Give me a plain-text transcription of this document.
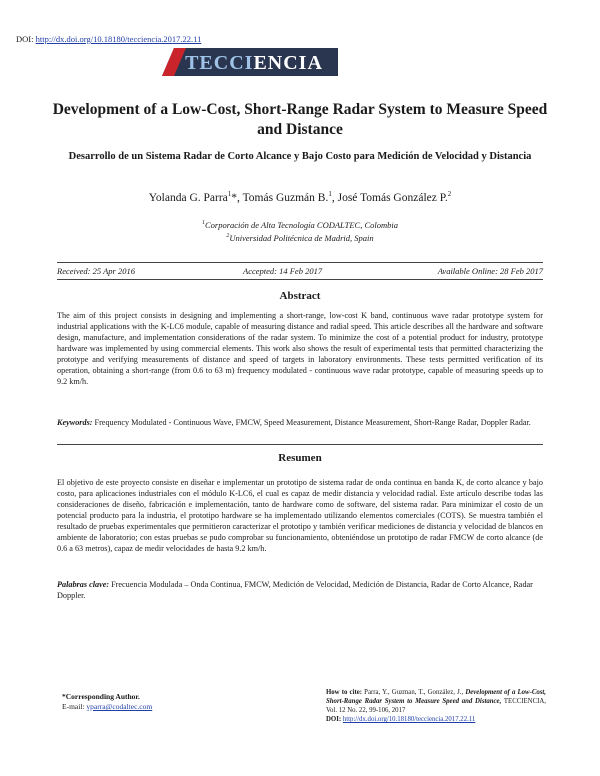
DOI: http://dx.doi.org/10.18180/tecciencia.2017.22.11
TECCIENCIA
Development of a Low-Cost, Short-Range Radar System to Measure Speed and Distance
Desarrollo de un Sistema Radar de Corto Alcance y Bajo Costo para Medición de Velocidad y Distancia
Yolanda G. Parra$^1$*, Tomás Guzmán B.$^1$, José Tomás González P.$^2$
$^1$Corporación de Alta Tecnología CODALTEC, Colombia
$^2$Universidad Politécnica de Madrid, Spain
Received: 25 Apr 2016	Accepted: 14 Feb 2017	Available Online: 28 Feb 2017
Abstract
The aim of this project consists in designing and implementing a short-range, low-cost K band, continuous wave radar prototype system for industrial applications with the K-LC6 module, capable of measuring distance and radial speed. This article describes all the hardware and software design, manufacture, and implementation considerations of the radar system. To minimize the cost of a potential product for industry, prototype hardware was implemented by using commercial elements. This work also shows the result of experimental tests that permitted characterizing the prototype and verifying measurements of distance and speed of targets in laboratory environments. These tests permitted verification of its operation, obtaining a short-range (from 0.6 to 63 m) frequency modulated - continuous wave radar prototype, capable of measuring speeds up to 9.2 km/h.
Keywords: Frequency Modulated - Continuous Wave, FMCW, Speed Measurement, Distance Measurement, Short-Range Radar, Doppler Radar.
Resumen
El objetivo de este proyecto consiste en diseñar e implementar un prototipo de sistema radar de onda continua en banda K, de corto alcance y bajo costo, para aplicaciones industriales con el módulo K-LC6, el cual es capaz de medir distancia y velocidad radial. Este artículo describe todas las consideraciones de diseño, fabricación e implementación, tanto de hardware como de software, del sistema radar. Para minimizar el costo de un potencial producto para la industria, el prototipo hardware se ha implementado utilizando elementos comerciales (COTS). Se muestra también el resultado de pruebas experimentales que permitieron caracterizar el prototipo y también verificar mediciones de distancia y velocidad de blancos en ambiente de laboratorio; con estas pruebas se pudo comprobar su funcionamiento, obteniéndose un prototipo de radar FMCW de corto alcance (de 0.6 a 63 metros), capaz de medir velocidades de hasta 9.2 km/h.
Palabras clave: Frecuencia Modulada – Onda Continua, FMCW, Medición de Velocidad, Medición de Distancia, Radar de Corto Alcance, Radar Doppler.
*Corresponding Author.
E-mail: yparra@codaltec.com
How to cite: Parra, Y., Guzman, T., González, J., Development of a Low-Cost, Short-Range Radar System to Measure Speed and Distance, TECCIENCIA, Vol. 12 No. 22, 99-106, 2017
DOI: http://dx.doi.org/10.18180/tecciencia.2017.22.11
